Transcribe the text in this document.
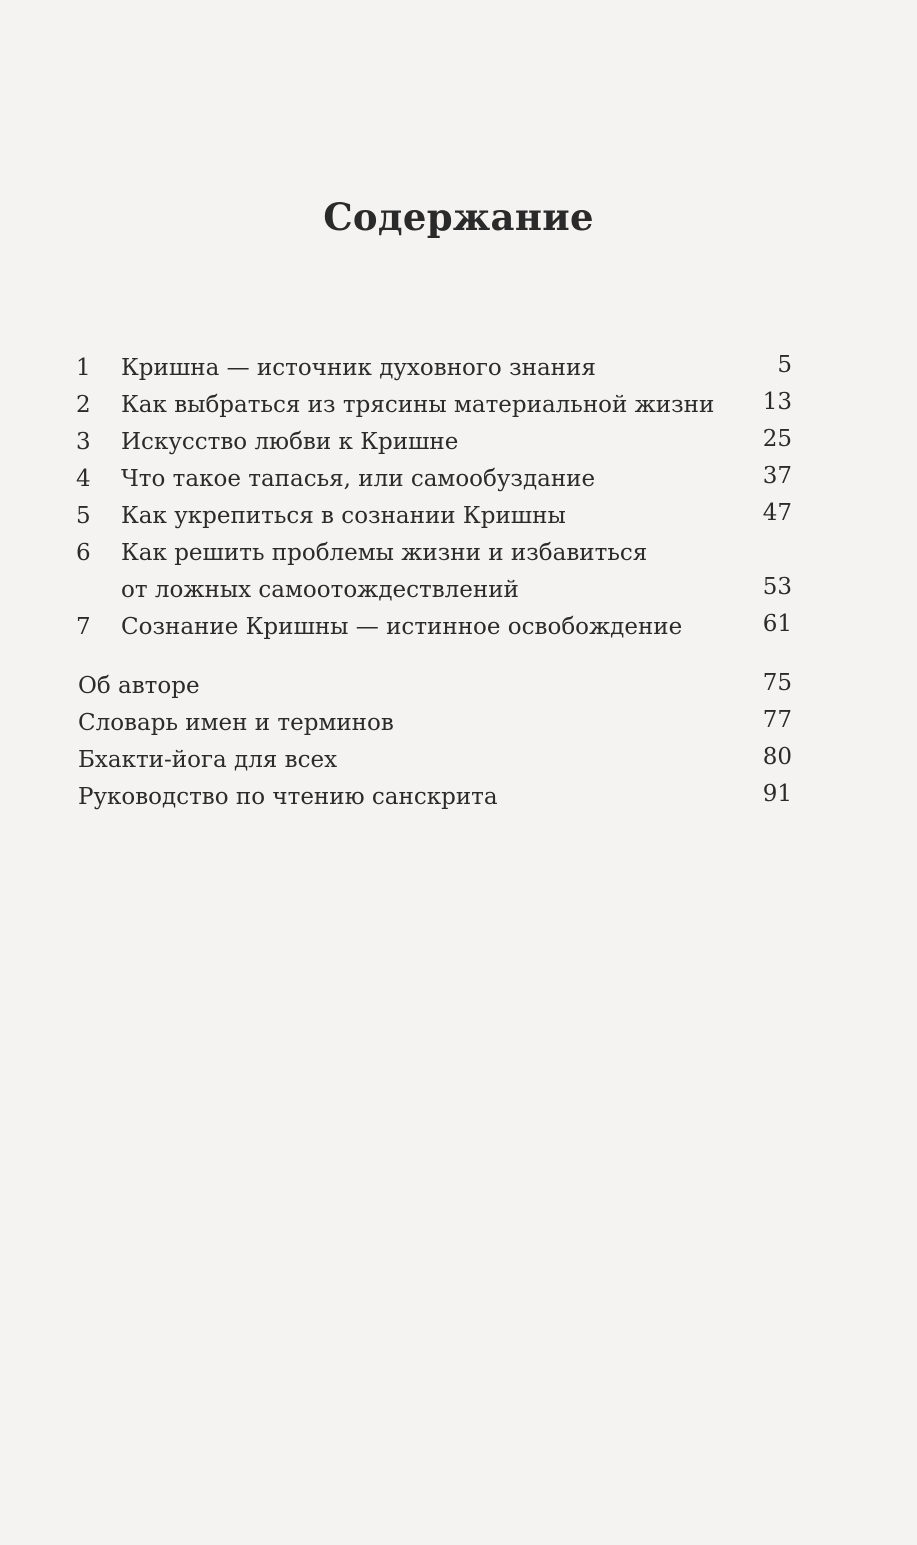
Содержание
1	Кришна — источник духовного знания	5
2	Как выбраться из трясины материальной жизни	13
3	Искусство любви к Кришне	25
4	Что такое тапасья, или самообуздание	37
5	Как укрепиться в сознании Кришны	47
6	Как решить проблемы жизни и избавиться
от ложных самоотождествлений	53
7	Сознание Кришны — истинное освобождение	61
Об авторе	75
Словарь имен и терминов	77
Бхакти-йога для всех	80
Руководство по чтению санскрита	91
